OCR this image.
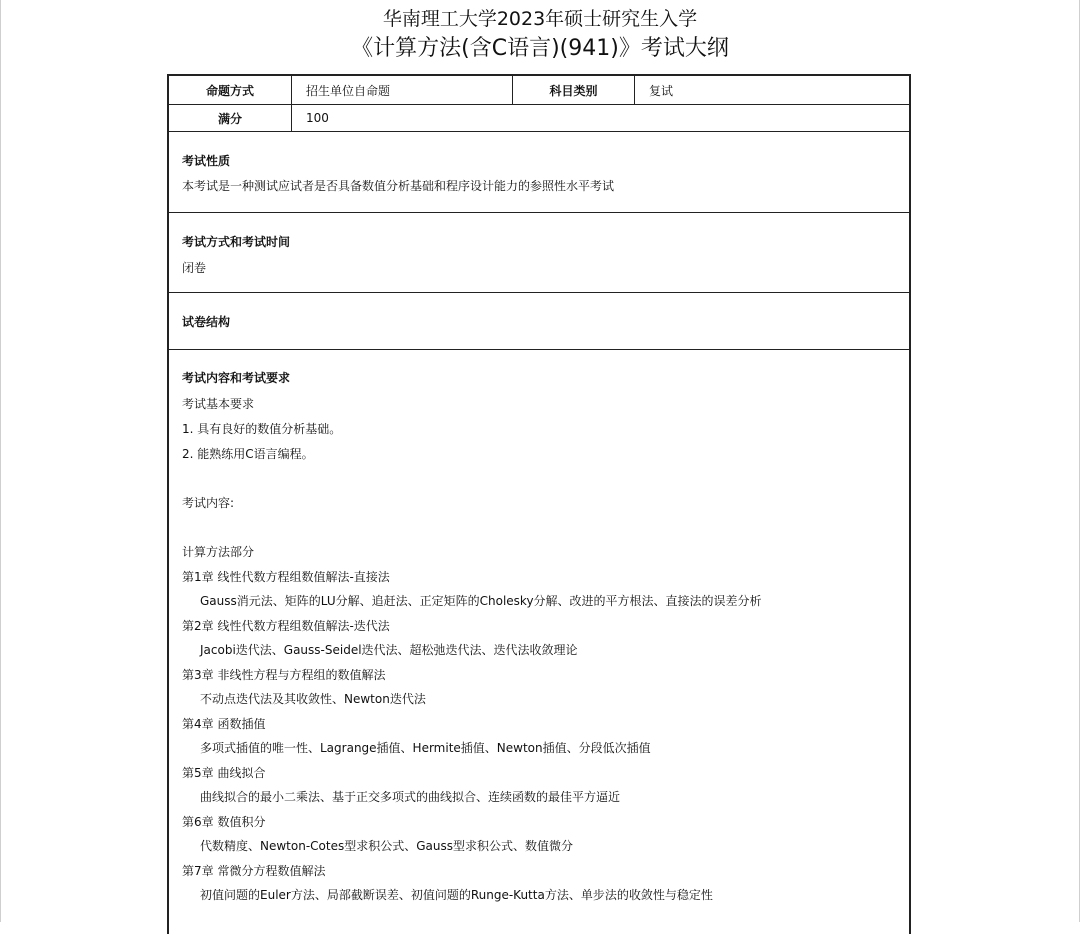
华南理工大学2023年硕士研究生入学
《计算方法(含C语言)(941)》考试大纲
命题方式	招生单位自命题	科目类别	复试
满分	100
考试性质
本考试是一种测试应试者是否具备数值分析基础和程序设计能力的参照性水平考试
考试方式和考试时间
闭卷
试卷结构
考试内容和考试要求
考试基本要求
1. 具有良好的数值分析基础。
2. 能熟练用C语言编程。
考试内容:
计算方法部分
第1章 线性代数方程组数值解法-直接法
Gauss消元法、矩阵的LU分解、追赶法、正定矩阵的Cholesky分解、改进的平方根法、直接法的误差分析
第2章 线性代数方程组数值解法-迭代法
Jacobi迭代法、Gauss-Seidel迭代法、超松弛迭代法、迭代法收敛理论
第3章 非线性方程与方程组的数值解法
不动点迭代法及其收敛性、Newton迭代法
第4章 函数插值
多项式插值的唯一性、Lagrange插值、Hermite插值、Newton插值、分段低次插值
第5章 曲线拟合
曲线拟合的最小二乘法、基于正交多项式的曲线拟合、连续函数的最佳平方逼近
第6章 数值积分
代数精度、Newton-Cotes型求积公式、Gauss型求积公式、数值微分
第7章 常微分方程数值解法
初值问题的Euler方法、局部截断误差、初值问题的Runge-Kutta方法、单步法的收敛性与稳定性
